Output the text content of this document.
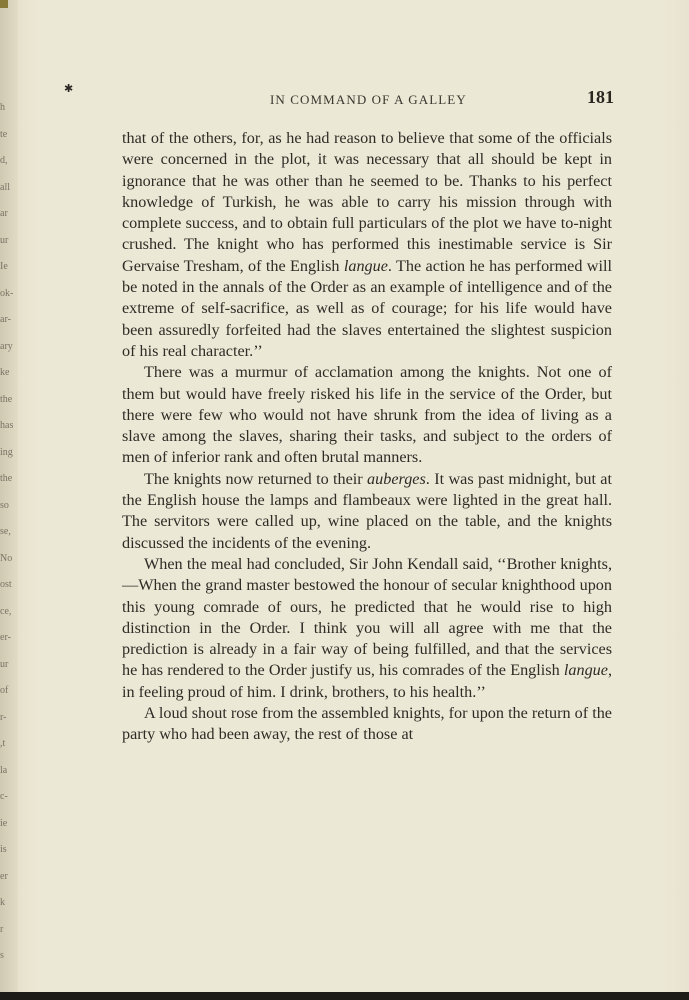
h
te
d,
all
ar
ur
Ie
ok-
ar-
ary
ke
the
has
ing
the
so
se,
No
ost
ce,
er-
ur
of
r-
,t
la
c-
ie
is
er
k
r
s
✱
IN COMMAND OF A GALLEY	181

that of the others, for, as he had reason to believe that some of the officials were concerned in the plot, it was necessary that all should be kept in ignorance that he was other than he seemed to be. Thanks to his perfect knowledge of Turkish, he was able to carry his mission through with complete success, and to obtain full particulars of the plot we have to-night crushed. The knight who has performed this inestimable service is Sir Gervaise Tresham, of the English langue. The action he has performed will be noted in the annals of the Order as an example of intelligence and of the extreme of self-sacrifice, as well as of courage; for his life would have been assuredly forfeited had the slaves entertained the slightest suspicion of his real character.’’

There was a murmur of acclamation among the knights. Not one of them but would have freely risked his life in the service of the Order, but there were few who would not have shrunk from the idea of living as a slave among the slaves, sharing their tasks, and subject to the orders of men of inferior rank and often brutal manners.

The knights now returned to their auberges. It was past midnight, but at the English house the lamps and flambeaux were lighted in the great hall. The servitors were called up, wine placed on the table, and the knights discussed the incidents of the evening.

When the meal had concluded, Sir John Kendall said, ‘‘Brother knights,—When the grand master bestowed the honour of secular knighthood upon this young comrade of ours, he predicted that he would rise to high distinction in the Order. I think you will all agree with me that the prediction is already in a fair way of being fulfilled, and that the services he has rendered to the Order justify us, his comrades of the English langue, in feeling proud of him. I drink, brothers, to his health.’’

A loud shout rose from the assembled knights, for upon the return of the party who had been away, the rest of those at
